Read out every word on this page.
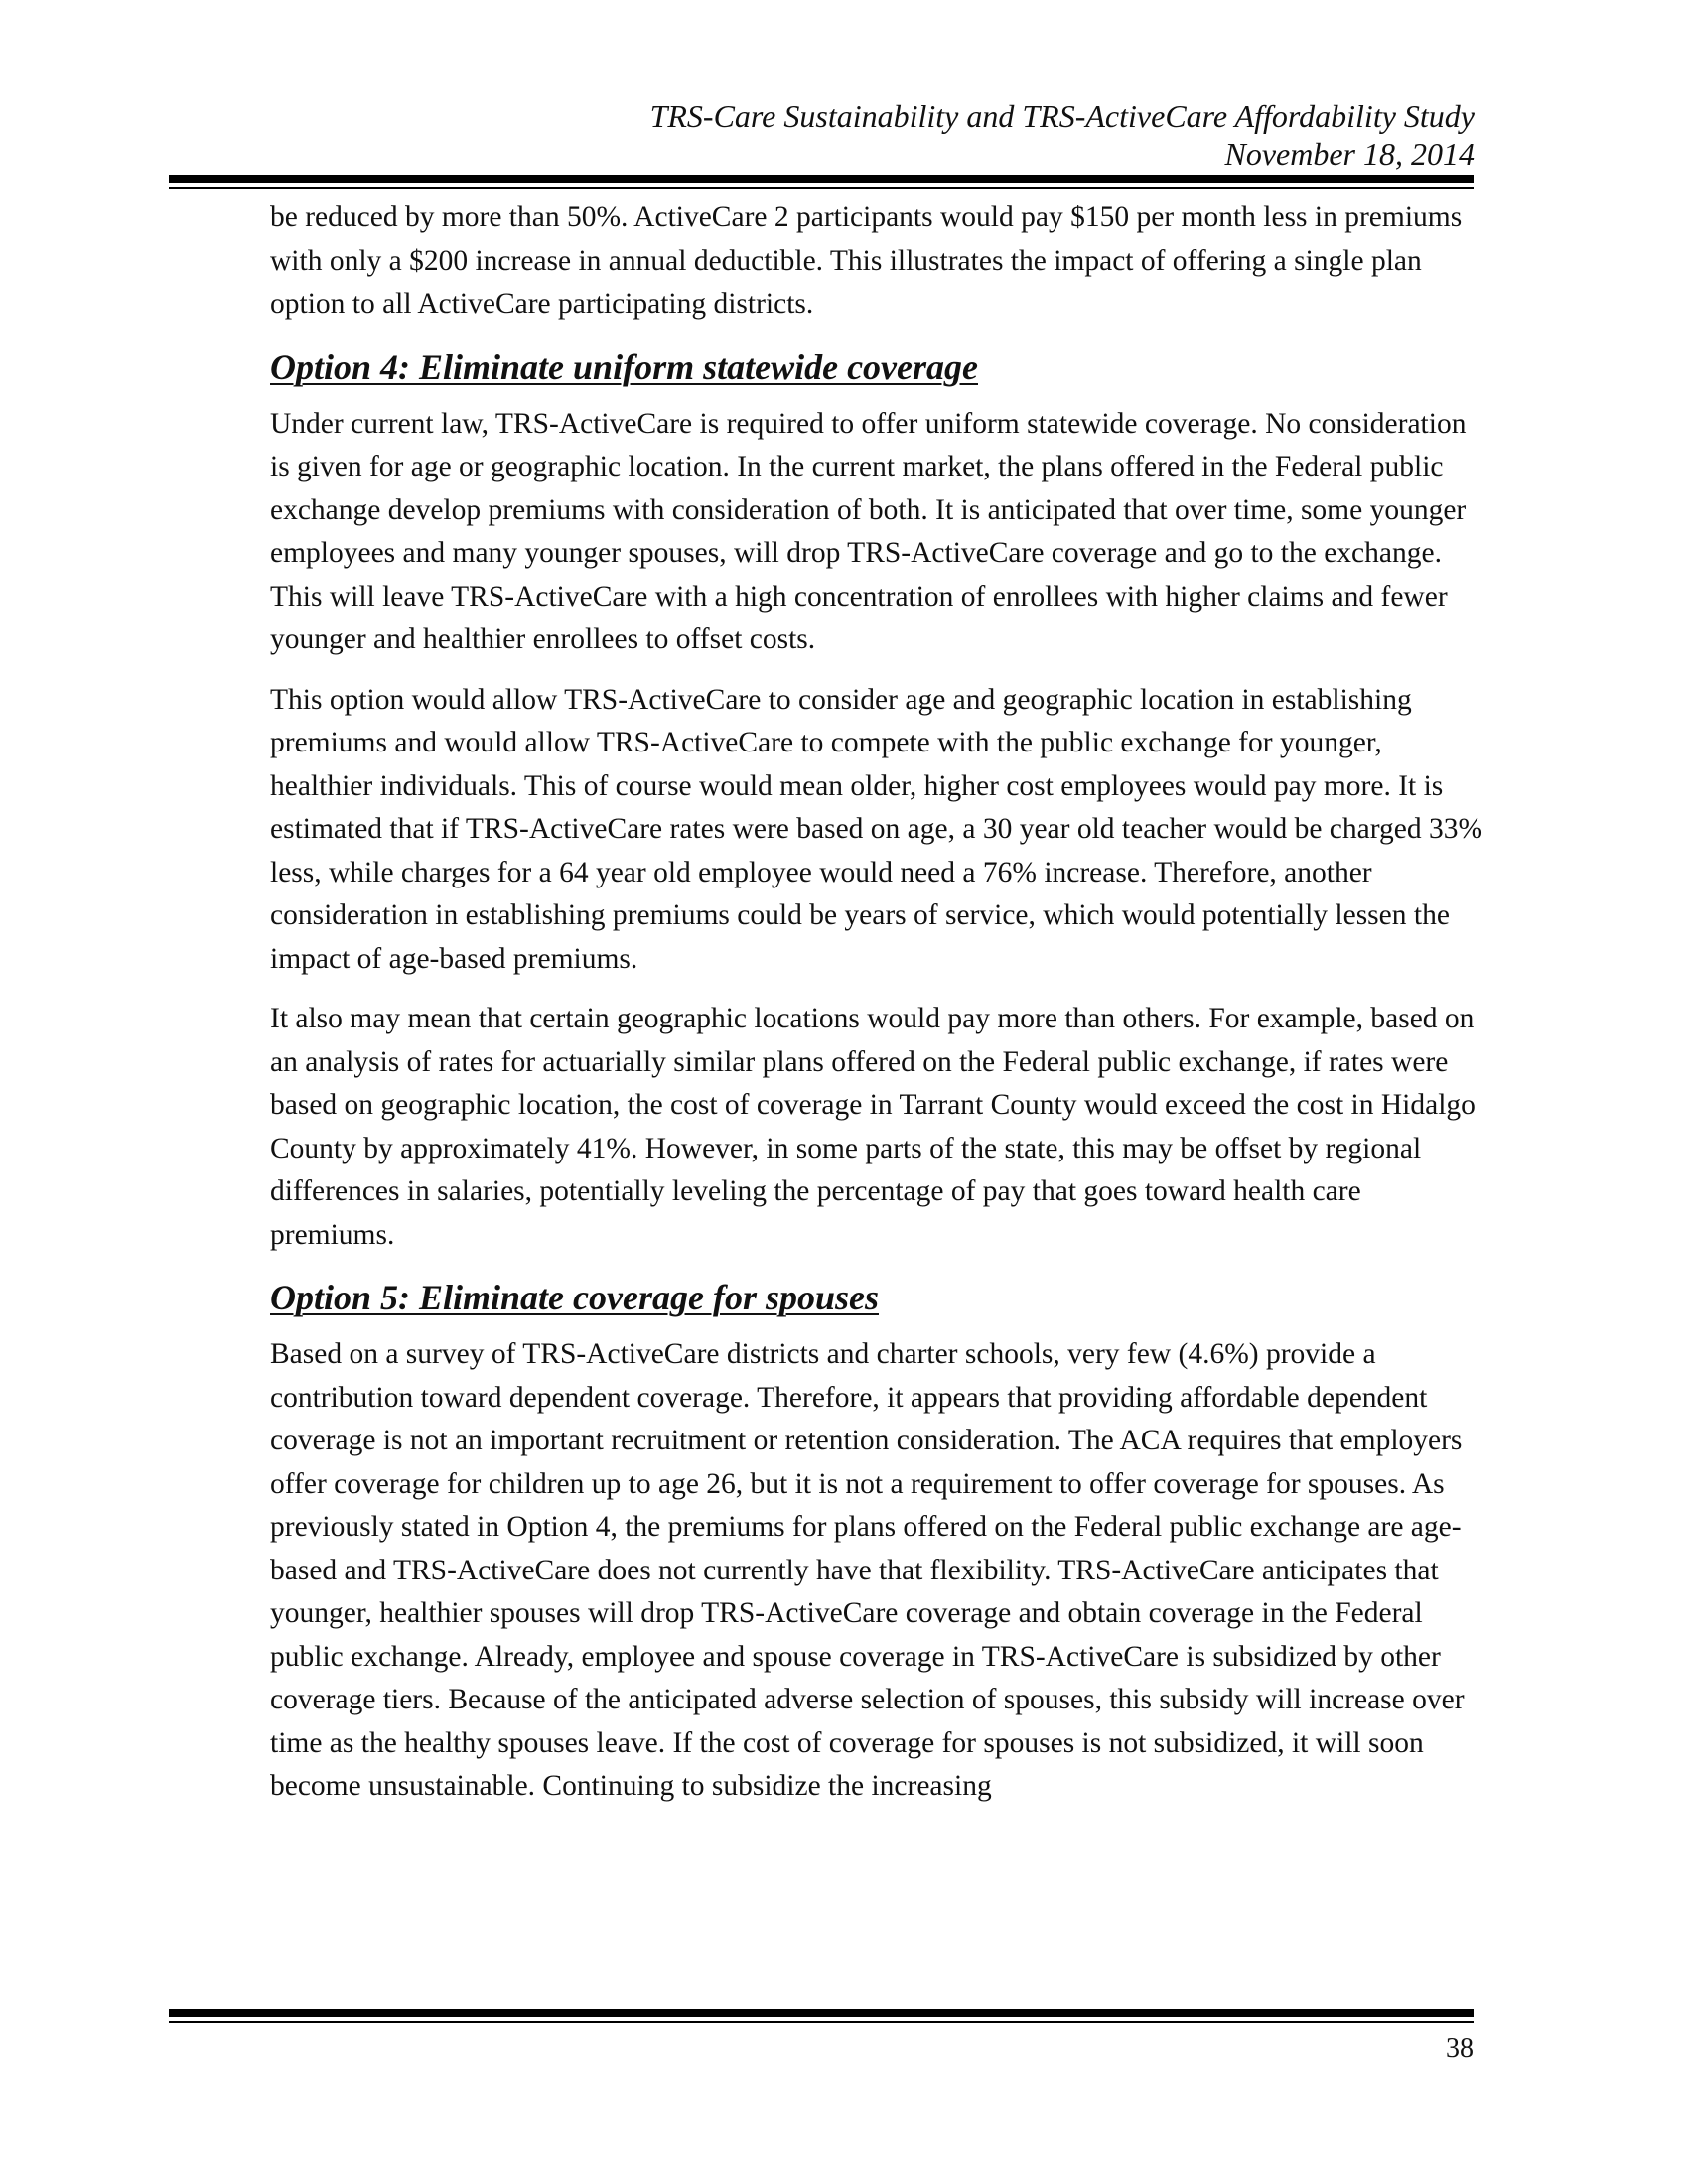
TRS-Care Sustainability and TRS-ActiveCare Affordability Study
November 18, 2014

be reduced by more than 50%. ActiveCare 2 participants would pay $150 per month less in premiums with only a $200 increase in annual deductible. This illustrates the impact of offering a single plan option to all ActiveCare participating districts.

Option 4: Eliminate uniform statewide coverage

Under current law, TRS-ActiveCare is required to offer uniform statewide coverage. No consideration is given for age or geographic location. In the current market, the plans offered in the Federal public exchange develop premiums with consideration of both. It is anticipated that over time, some younger employees and many younger spouses, will drop TRS-ActiveCare coverage and go to the exchange. This will leave TRS-ActiveCare with a high concentration of enrollees with higher claims and fewer younger and healthier enrollees to offset costs.

This option would allow TRS-ActiveCare to consider age and geographic location in establishing premiums and would allow TRS-ActiveCare to compete with the public exchange for younger, healthier individuals. This of course would mean older, higher cost employees would pay more. It is estimated that if TRS-ActiveCare rates were based on age, a 30 year old teacher would be charged 33% less, while charges for a 64 year old employee would need a 76% increase. Therefore, another consideration in establishing premiums could be years of service, which would potentially lessen the impact of age-based premiums.

It also may mean that certain geographic locations would pay more than others. For example, based on an analysis of rates for actuarially similar plans offered on the Federal public exchange, if rates were based on geographic location, the cost of coverage in Tarrant County would exceed the cost in Hidalgo County by approximately 41%. However, in some parts of the state, this may be offset by regional differences in salaries, potentially leveling the percentage of pay that goes toward health care premiums.

Option 5: Eliminate coverage for spouses

Based on a survey of TRS-ActiveCare districts and charter schools, very few (4.6%) provide a contribution toward dependent coverage. Therefore, it appears that providing affordable dependent coverage is not an important recruitment or retention consideration. The ACA requires that employers offer coverage for children up to age 26, but it is not a requirement to offer coverage for spouses. As previously stated in Option 4, the premiums for plans offered on the Federal public exchange are age-based and TRS-ActiveCare does not currently have that flexibility. TRS-ActiveCare anticipates that younger, healthier spouses will drop TRS-ActiveCare coverage and obtain coverage in the Federal public exchange. Already, employee and spouse coverage in TRS-ActiveCare is subsidized by other coverage tiers. Because of the anticipated adverse selection of spouses, this subsidy will increase over time as the healthy spouses leave. If the cost of coverage for spouses is not subsidized, it will soon become unsustainable. Continuing to subsidize the increasing

38
